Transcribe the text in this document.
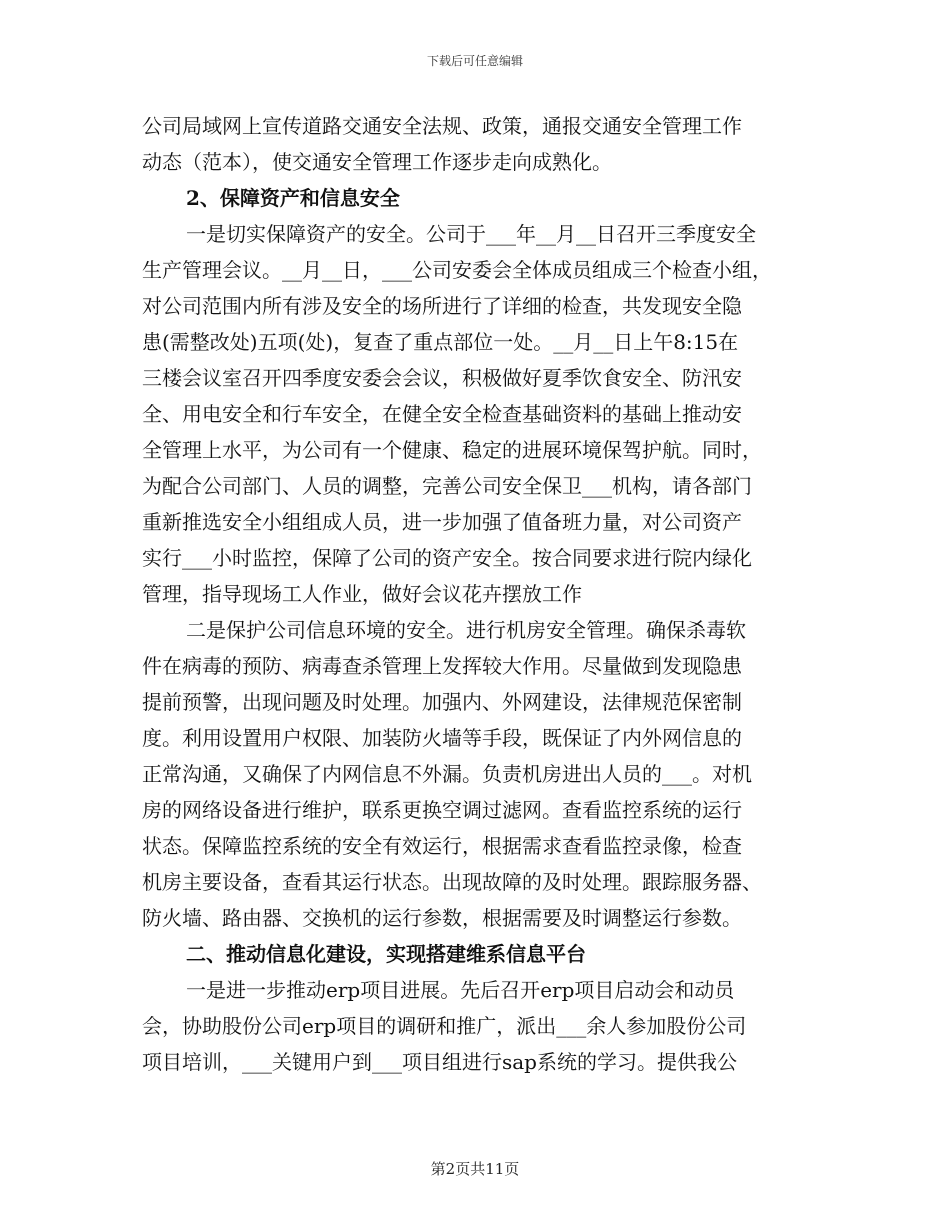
下载后可任意编辑
公司局域网上宣传道路交通安全法规、政策，通报交通安全管理工作
动态（范本），使交通安全管理工作逐步走向成熟化。
2、保障资产和信息安全
一是切实保障资产的安全。公司于___年__月__日召开三季度安全
生产管理会议。__月__日，___公司安委会全体成员组成三个检查小组，
对公司范围内所有涉及安全的场所进行了详细的检查，共发现安全隐
患(需整改处)五项(处)，复查了重点部位一处。__月__日上午8:15在
三楼会议室召开四季度安委会会议，积极做好夏季饮食安全、防汛安
全、用电安全和行车安全，在健全安全检查基础资料的基础上推动安
全管理上水平，为公司有一个健康、稳定的进展环境保驾护航。同时，
为配合公司部门、人员的调整，完善公司安全保卫___机构，请各部门
重新推选安全小组组成人员，进一步加强了值备班力量，对公司资产
实行___小时监控，保障了公司的资产安全。按合同要求进行院内绿化
管理，指导现场工人作业，做好会议花卉摆放工作
二是保护公司信息环境的安全。进行机房安全管理。确保杀毒软
件在病毒的预防、病毒查杀管理上发挥较大作用。尽量做到发现隐患
提前预警，出现问题及时处理。加强内、外网建设，法律规范保密制
度。利用设置用户权限、加装防火墙等手段，既保证了内外网信息的
正常沟通，又确保了内网信息不外漏。负责机房进出人员的___。对机
房的网络设备进行维护，联系更换空调过滤网。查看监控系统的运行
状态。保障监控系统的安全有效运行，根据需求查看监控录像，检查
机房主要设备，查看其运行状态。出现故障的及时处理。跟踪服务器、
防火墙、路由器、交换机的运行参数，根据需要及时调整运行参数。
二、推动信息化建设，实现搭建维系信息平台
一是进一步推动erp项目进展。先后召开erp项目启动会和动员
会，协助股份公司erp项目的调研和推广，派出___余人参加股份公司
项目培训，___关键用户到___项目组进行sap系统的学习。提供我公
第2页共11页
